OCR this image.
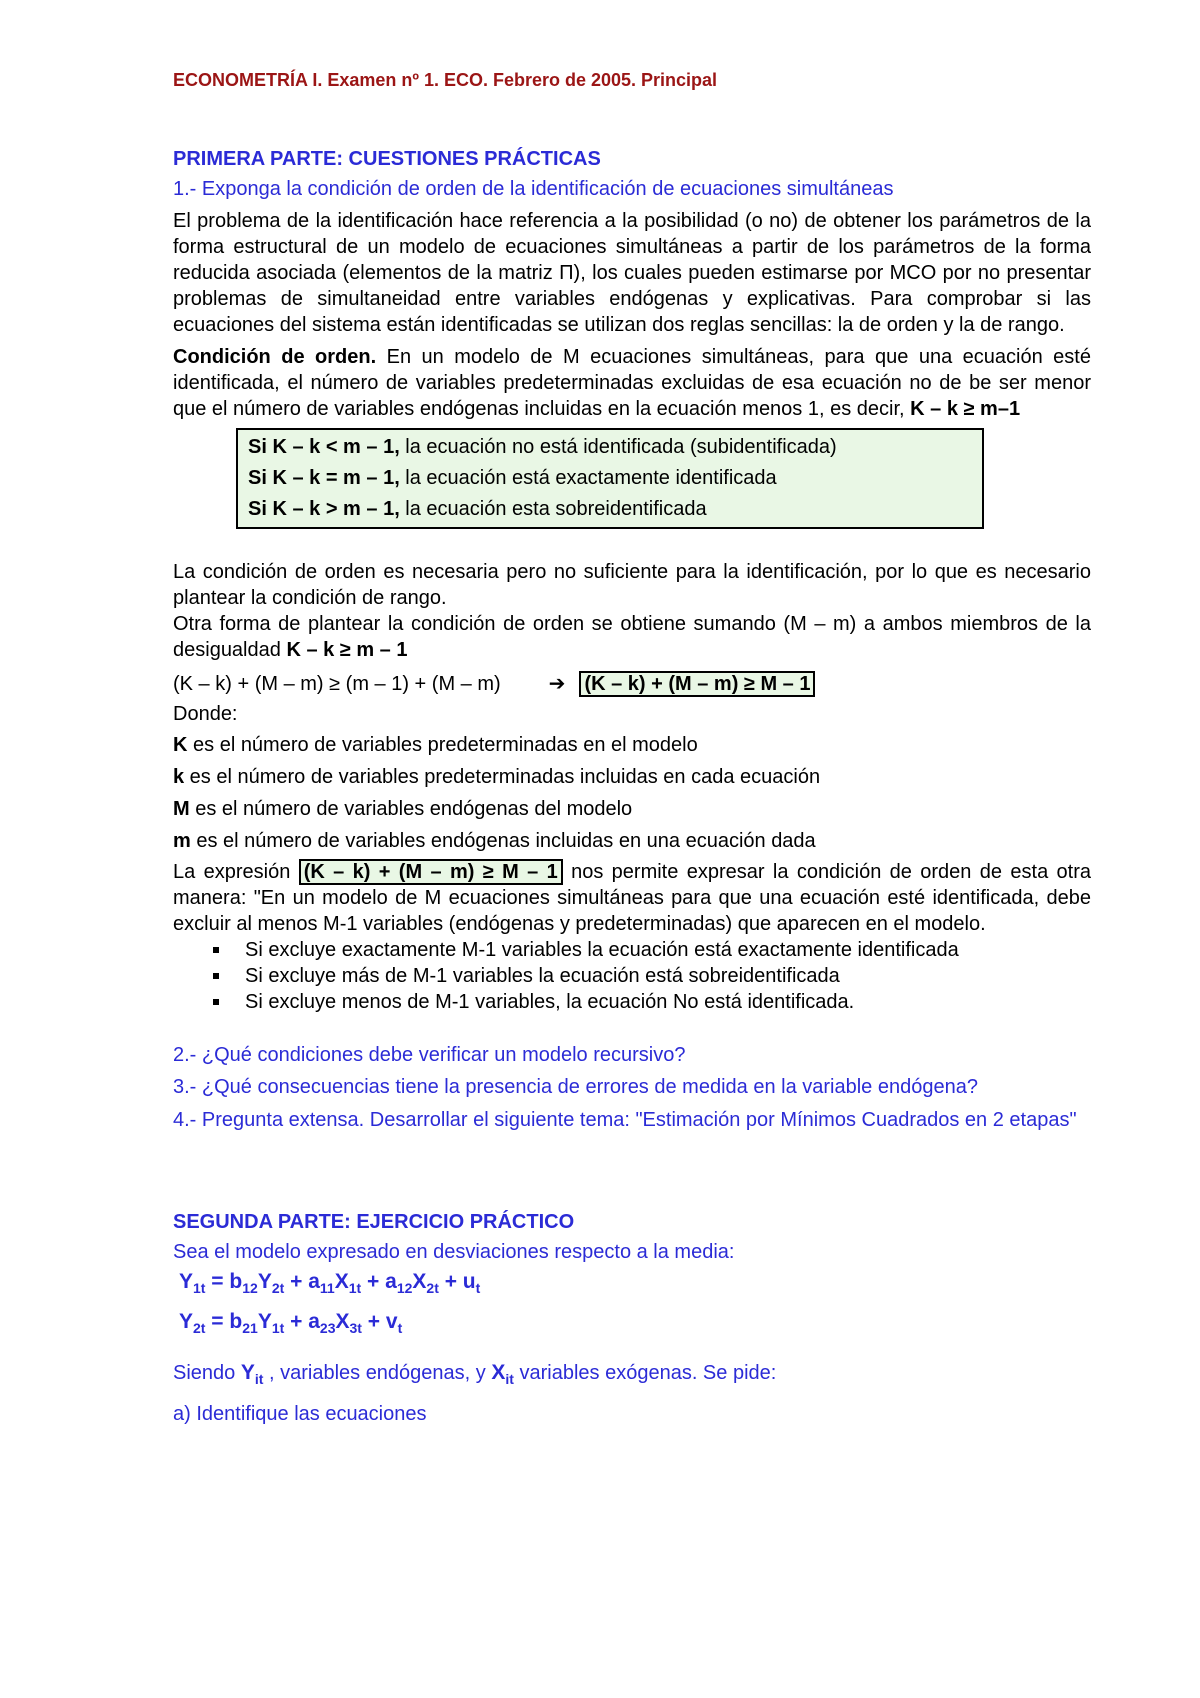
ECONOMETRÍA I. Examen nº 1. ECO. Febrero de 2005. Principal

PRIMERA PARTE: CUESTIONES PRÁCTICAS

1.- Exponga la condición de orden de la identificación de ecuaciones simultáneas

El problema de la identificación hace referencia a la posibilidad (o no) de obtener los parámetros de la forma estructural de un modelo de ecuaciones simultáneas a partir de los parámetros de la forma reducida asociada (elementos de la matriz Π), los cuales pueden estimarse por MCO por no presentar problemas de simultaneidad entre variables endógenas y explicativas. Para comprobar si las ecuaciones del sistema están identificadas se utilizan dos reglas sencillas: la de orden y la de rango.

Condición de orden. En un modelo de M ecuaciones simultáneas, para que una ecuación esté identificada, el número de variables predeterminadas excluidas de esa ecuación no de be ser menor que el número de variables endógenas incluidas en la ecuación menos 1, es decir, K – k ≥ m–1

Si K – k < m – 1, la ecuación no está identificada (subidentificada)
Si K – k = m – 1, la ecuación está exactamente identificada
Si K – k > m – 1, la ecuación esta sobreidentificada

La condición de orden es necesaria pero no suficiente para la identificación, por lo que es necesario plantear la condición de rango.

Otra forma de plantear la condición de orden se obtiene sumando (M – m) a ambos miembros de la desigualdad K – k ≥ m – 1

(K – k) + (M – m) ≥ (m – 1) + (M – m) ➔ (K – k) + (M – m) ≥ M – 1
Donde:
K es el número de variables predeterminadas en el modelo
k es el número de variables predeterminadas incluidas en cada ecuación
M es el número de variables endógenas del modelo
m es el número de variables endógenas incluidas en una ecuación dada

La expresión (K – k) + (M – m) ≥ M – 1 nos permite expresar la condición de orden de esta otra manera: "En un modelo de M ecuaciones simultáneas para que una ecuación esté identificada, debe excluir al menos M-1 variables (endógenas y predeterminadas) que aparecen en el modelo.

Si excluye exactamente M-1 variables la ecuación está exactamente identificada
Si excluye más de M-1 variables la ecuación está sobreidentificada
Si excluye menos de M-1 variables, la ecuación No está identificada.
2.- ¿Qué condiciones debe verificar un modelo recursivo?
3.- ¿Qué consecuencias tiene la presencia de errores de medida en la variable endógena?
4.- Pregunta extensa. Desarrollar el siguiente tema: "Estimación por Mínimos Cuadrados en 2 etapas"

SEGUNDA PARTE: EJERCICIO PRÁCTICO

Sea el modelo expresado en desviaciones respecto a la media:

$Y_{1t} = b_{12}Y_{2t} + a_{11}X_{1t} + a_{12}X_{2t} + u_t$
$Y_{2t} = b_{21}Y_{1t} + a_{23}X_{3t} + v_t$
Siendo $Y_{it}$ , variables endógenas, y $X_{it}$ variables exógenas. Se pide:
a) Identifique las ecuaciones
